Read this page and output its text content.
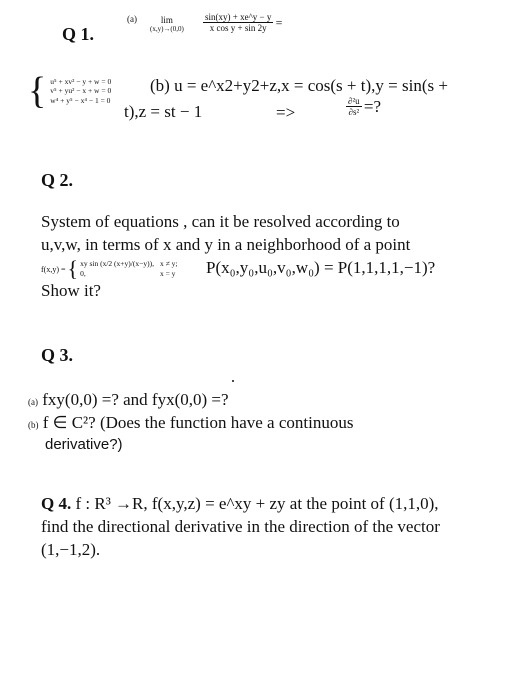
Q 1.
(a)	lim
$(x,y)\to(0,0) \frac{\sin(xy) + xe\^{}y - y}{\text{x cos y + sin 2y}}$ =
{ u⁵ + xv² − y + w = 0
v⁵ + yu² − x + w = 0
w⁴ + y⁵ − x⁴ − 1 = 0
(b) u = e^x2+y2+z,x = cos(s + t),y = sin(s +
t),z = st − 1	=>	$\frac{\text{∂²u}}{\text{∂s²}}$ =?
Q 2.
System of equations , can it be resolved according to
u,v,w, in terms of x and y in a neighborhood of a point
f(x,y) = { xy sin (x/2 (x+y)/(x−y)),
0,
x ≠ y;
x = y P(x₀,y₀,u₀,v₀,w₀) = P(1,1,1,1,−1)?
Show it?
Q 3.
(a) fxy(0,0) =? and fyx(0,0) =?
(b) f ∈ C²? (Does the function have a continuous
derivative?)
Q 4. f : R³ →R, f(x,y,z) = e^xy + zy at the point of (1,1,0),
find the directional derivative in the direction of the vector
(1,−1,2).
